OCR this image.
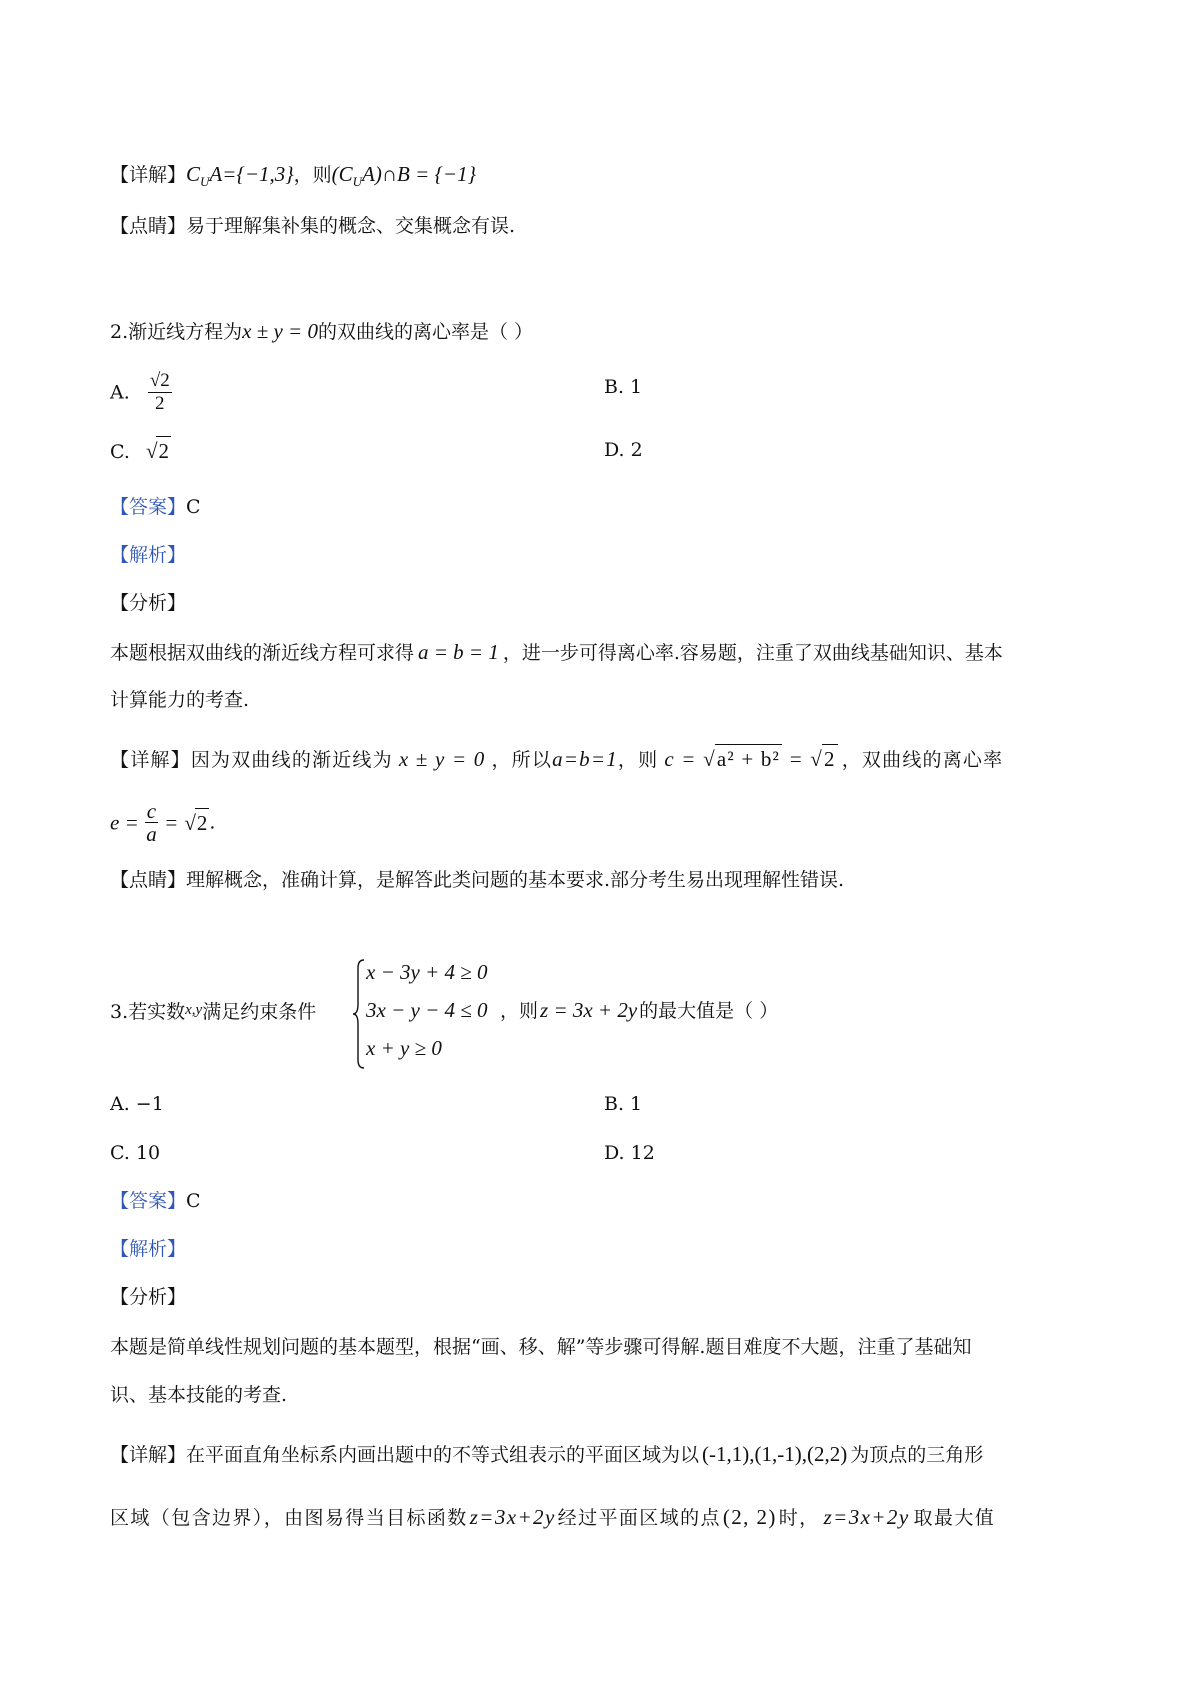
【详解】$C_UA=\{-1,3\}$，则$(C_UA)\cap B = \{-1\}$
【点睛】易于理解集补集的概念、交集概念有误.
2.渐近线方程为x ± y = 0的双曲线的离心率是（ ）
A. $\frac{√2}{2}$	B. 1
C. √2	D. 2
【答案】C
【解析】
【分析】
本题根据双曲线的渐近线方程可求得 a = b = 1 ，进一步可得离心率.容易题，注重了双曲线基础知识、基本
计算能力的考查.
【详解】因为双曲线的渐近线为 x ± y = 0 ，所以a=b=1，则 c = √a² + b² = √2 ，双曲线的离心率
$e = \frac{c}{a} = √2$ .
【点睛】理解概念，准确计算，是解答此类问题的基本要求.部分考生易出现理解性错误.
3.若实数$^{x,y}$满足约束条件
x − 3y + 4 ≥ 0
3x − y − 4 ≤ 0
x + y ≥ 0
，则z = 3x + 2y 的最大值是（ ）
A. −1	B. 1
C. 10	D. 12
【答案】C
【解析】
【分析】
本题是简单线性规划问题的基本题型，根据“画、移、解”等步骤可得解.题目难度不大题，注重了基础知
识、基本技能的考查.
【详解】在平面直角坐标系内画出题中的不等式组表示的平面区域为以 (-1,1),(1,-1),(2,2) 为顶点的三角形
区域（包含边界），由图易得当目标函数z=3x+2y 经过平面区域的点(2, 2) 时， z=3x+2y 取最大值
